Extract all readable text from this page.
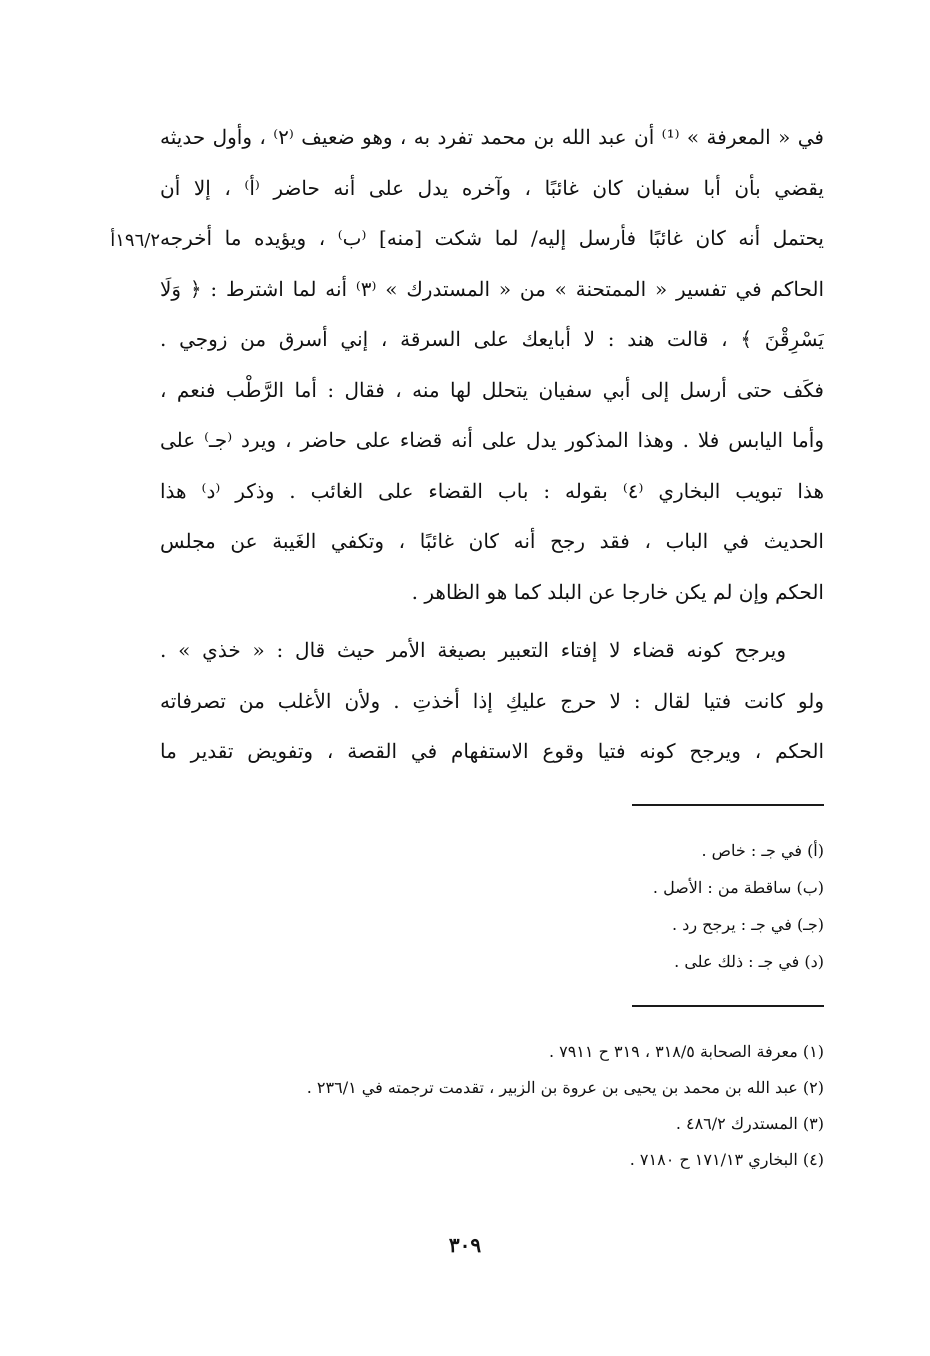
١٩٦/٢أ
في « المعرفة » ⁽¹⁾ أن عبد الله بن محمد تفرد به ، وهو ضعيف ⁽٢⁾ ، وأول حديثه
يقضي بأن أبا سفيان كان غائبًا ، وآخره يدل على أنه حاضر ⁽أ⁾ ، إلا أن
يحتمل أنه كان غائبًا فأرسل إليه/ لما شكت [منه] ⁽ب⁾ ، ويؤيده ما أخرجه
الحاكم في تفسير « الممتحنة » من « المستدرك » ⁽٣⁾ أنه لما اشترط : ﴿ وَلَا
يَسْرِقْنَ ﴾ ، قالت هند : لا أبايعك على السرقة ، إني أسرق من زوجي .
فكَف حتى أرسل إلى أبي سفيان يتحلل لها منه ، فقال : أما الرَّطْب فنعم ،
وأما اليابس فلا . وهذا المذكور يدل على أنه قضاء على حاضر ، ويرد ⁽جـ⁾ على
هذا تبويب البخاري ⁽٤⁾ بقوله : باب القضاء على الغائب . وذكر ⁽د⁾ هذا
الحديث في الباب ، فقد رجح أنه كان غائبًا ، وتكفي الغَيبة عن مجلس
الحكم وإن لم يكن خارجا عن البلد كما هو الظاهر .
ويرجح كونه قضاء لا إفتاء التعبير بصيغة الأمر حيث قال : « خذي » .
ولو كانت فتيا لقال : لا حرج عليكِ إذا أخذتِ . ولأن الأغلب من تصرفاته
الحكم ، ويرجح كونه فتيا وقوع الاستفهام في القصة ، وتفويض تقدير ما
(أ) في جـ : خاص .
(ب) ساقطة من : الأصل .
(جـ) في جـ : يرجح رد .
(د) في جـ : ذلك على .
(١) معرفة الصحابة ٣١٨/٥ ، ٣١٩ ح ٧٩١١ .
(٢) عبد الله بن محمد بن يحيى بن عروة بن الزبير ، تقدمت ترجمته في ٢٣٦/١ .
(٣) المستدرك ٤٨٦/٢ .
(٤) البخاري ١٧١/١٣ ح ٧١٨٠ .
٣٠٩
